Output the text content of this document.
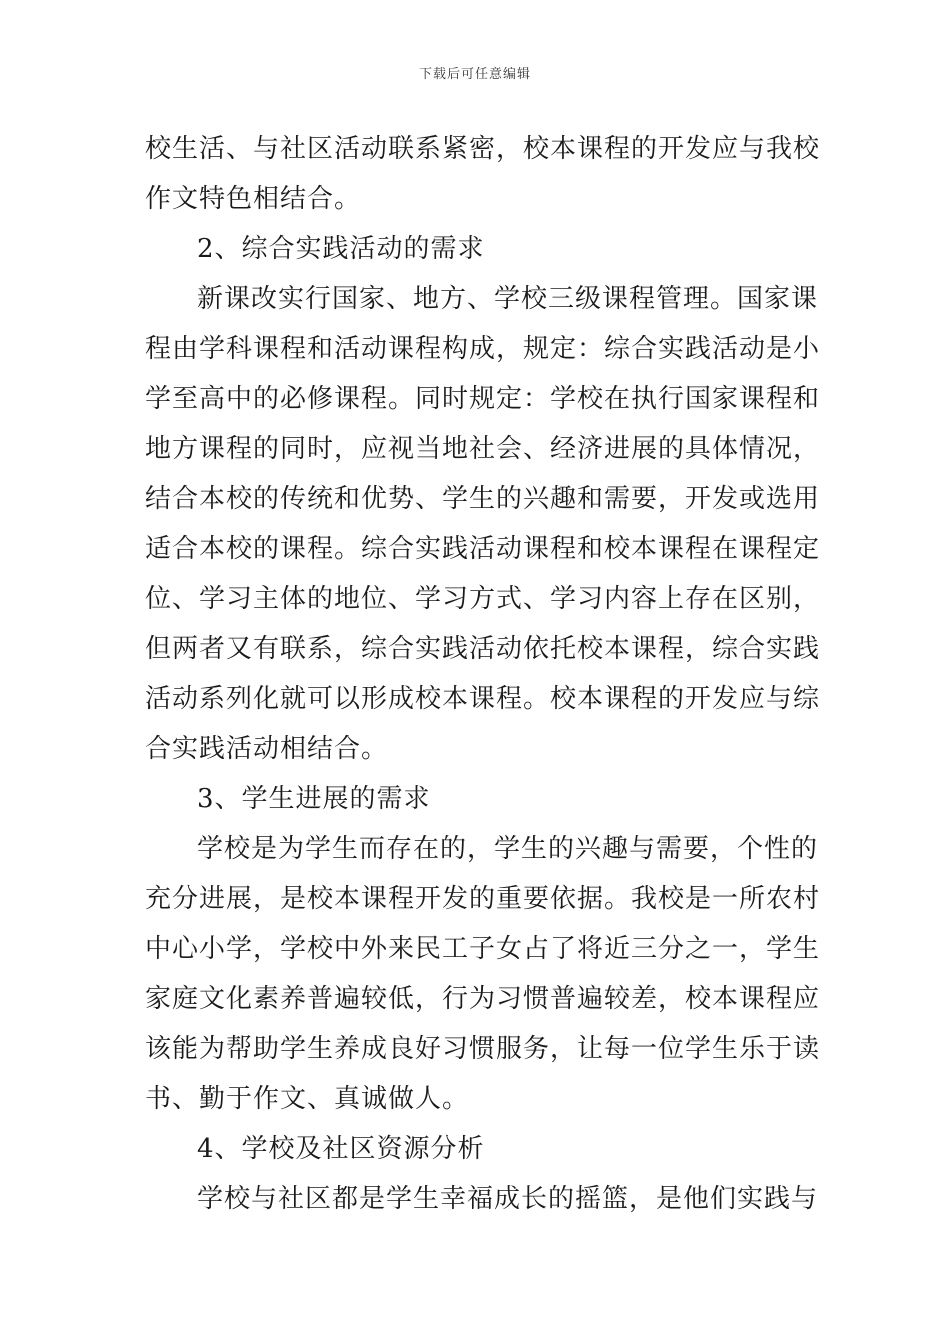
下载后可任意编辑
校生活、与社区活动联系紧密，校本课程的开发应与我校
作文特色相结合。
2、综合实践活动的需求
新课改实行国家、地方、学校三级课程管理。国家课
程由学科课程和活动课程构成，规定：综合实践活动是小
学至高中的必修课程。同时规定：学校在执行国家课程和
地方课程的同时，应视当地社会、经济进展的具体情况，
结合本校的传统和优势、学生的兴趣和需要，开发或选用
适合本校的课程。综合实践活动课程和校本课程在课程定
位、学习主体的地位、学习方式、学习内容上存在区别，
但两者又有联系，综合实践活动依托校本课程，综合实践
活动系列化就可以形成校本课程。校本课程的开发应与综
合实践活动相结合。
3、学生进展的需求
学校是为学生而存在的，学生的兴趣与需要，个性的
充分进展，是校本课程开发的重要依据。我校是一所农村
中心小学，学校中外来民工子女占了将近三分之一，学生
家庭文化素养普遍较低，行为习惯普遍较差，校本课程应
该能为帮助学生养成良好习惯服务，让每一位学生乐于读
书、勤于作文、真诚做人。
4、学校及社区资源分析
学校与社区都是学生幸福成长的摇篮，是他们实践与
